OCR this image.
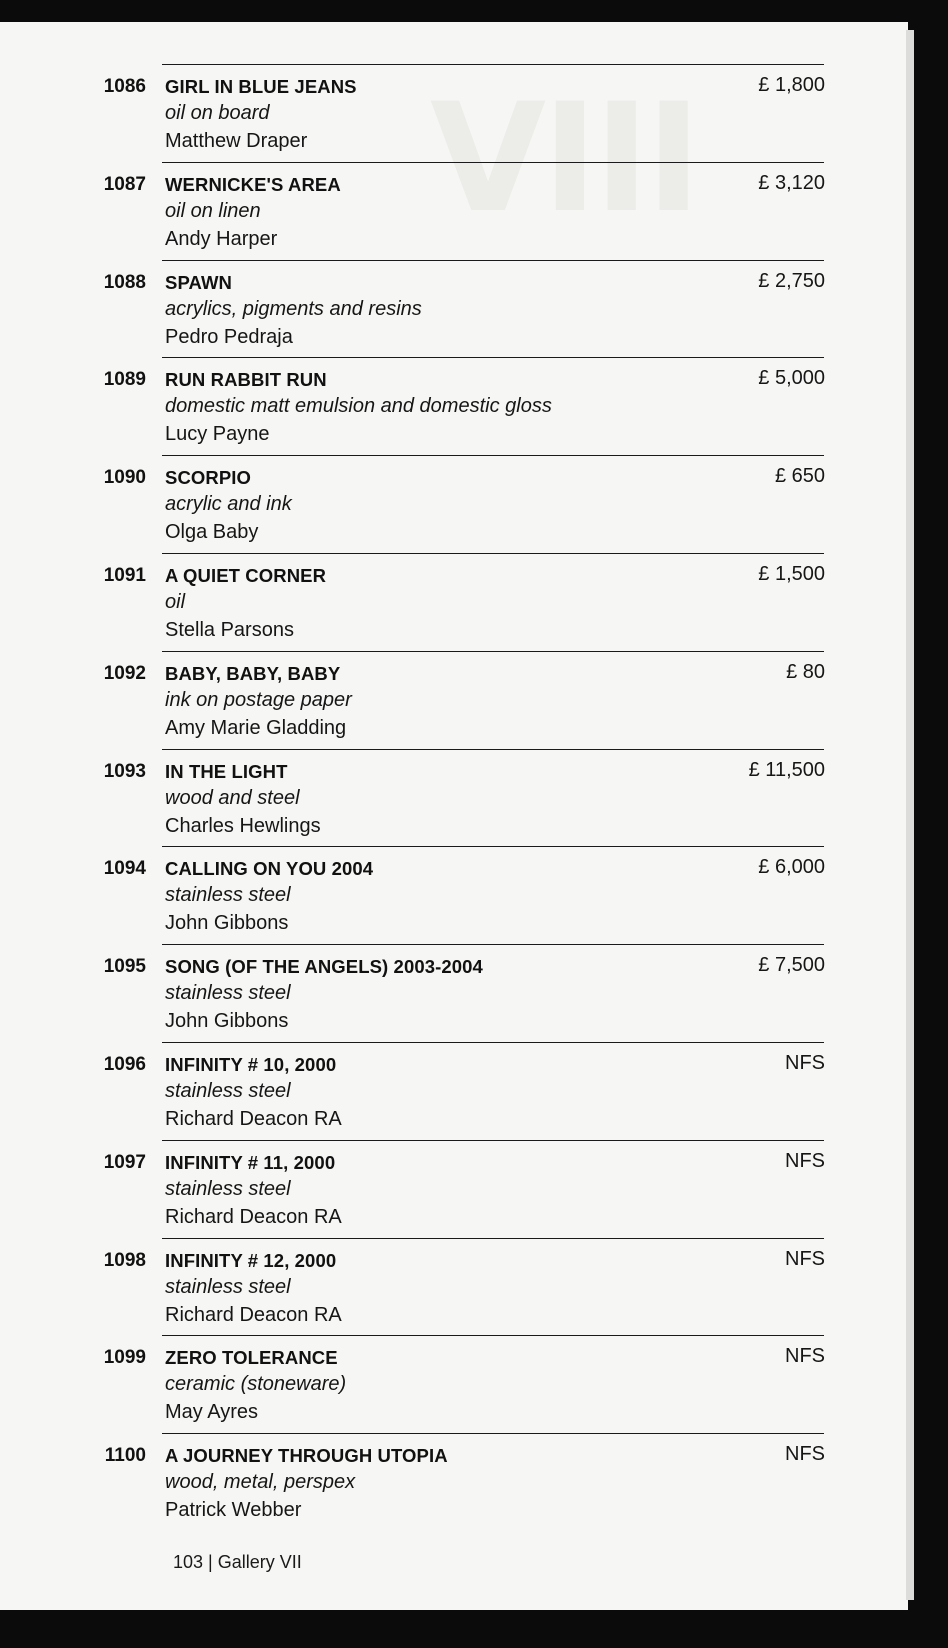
VIII
1086 GIRL IN BLUE JEANS
oil on board
Matthew Draper
£ 1,800
1087 WERNICKE'S AREA
oil on linen
Andy Harper
£ 3,120
1088 SPAWN
acrylics, pigments and resins
Pedro Pedraja
£ 2,750
1089 RUN RABBIT RUN
domestic matt emulsion and domestic gloss
Lucy Payne
£ 5,000
1090 SCORPIO
acrylic and ink
Olga Baby
£ 650
1091 A QUIET CORNER
oil
Stella Parsons
£ 1,500
1092 BABY, BABY, BABY
ink on postage paper
Amy Marie Gladding
£ 80
1093 IN THE LIGHT
wood and steel
Charles Hewlings
£ 11,500
1094 CALLING ON YOU 2004
stainless steel
John Gibbons
£ 6,000
1095 SONG (OF THE ANGELS) 2003-2004
stainless steel
John Gibbons
£ 7,500
1096 INFINITY # 10, 2000
stainless steel
Richard Deacon RA
NFS
1097 INFINITY # 11, 2000
stainless steel
Richard Deacon RA
NFS
1098 INFINITY # 12, 2000
stainless steel
Richard Deacon RA
NFS
1099 ZERO TOLERANCE
ceramic (stoneware)
May Ayres
NFS
1100 A JOURNEY THROUGH UTOPIA
wood, metal, perspex
Patrick Webber
NFS
103 | Gallery VII
